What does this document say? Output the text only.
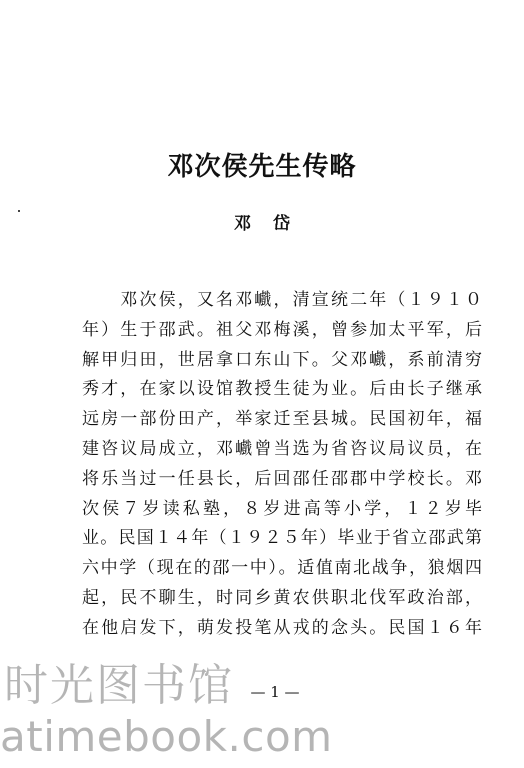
邓次侯先生传略
邓岱
　　邓次侯，又名邓巇，清宣统二年（１９１０
年）生于邵武。祖父邓梅溪，曾参加太平军，后
解甲归田，世居拿口东山下。父邓巇，系前清穷
秀才，在家以设馆教授生徒为业。后由长子继承
远房一部份田产，举家迁至县城。民国初年，福
建咨议局成立，邓巇曾当选为省咨议局议员，在
将乐当过一任县长，后回邵任邵郡中学校长。邓
次侯７岁读私塾，８岁进高等小学，１２岁毕
业。民国１４年（１９２５年）毕业于省立邵武第
六中学（现在的邵一中）。适值南北战争，狼烟四
起，民不聊生，时同乡黄农供职北伐军政治部，
在他启发下，萌发投笔从戎的念头。民国１６年
— 1 —
时光图书馆
atimebook.com
